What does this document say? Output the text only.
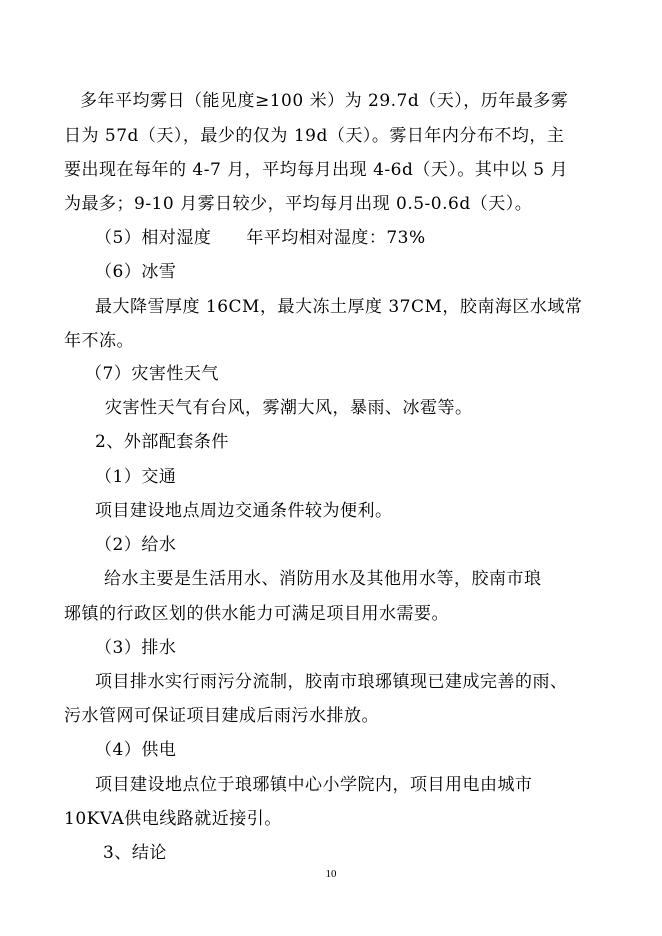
多年平均雾日（能见度≥100 米）为 29.7d（天），历年最多雾
日为 57d（天），最少的仅为 19d（天）。雾日年内分布不均，主
要出现在每年的 4-7 月，平均每月出现 4-6d（天）。其中以 5 月
为最多；9-10 月雾日较少，平均每月出现 0.5-0.6d（天）。
（5）相对湿度　　年平均相对湿度：73%
（6）冰雪
最大降雪厚度 16CM，最大冻土厚度 37CM，胶南海区水域常
年不冻。
（7）灾害性天气
灾害性天气有台风，雾潮大风，暴雨、冰雹等。
2、外部配套条件
（1）交通
项目建设地点周边交通条件较为便利。
（2）给水
给水主要是生活用水、消防用水及其他用水等，胶南市琅
琊镇的行政区划的供水能力可满足项目用水需要。
（3）排水
项目排水实行雨污分流制，胶南市琅琊镇现已建成完善的雨、
污水管网可保证项目建成后雨污水排放。
（4）供电
项目建设地点位于琅琊镇中心小学院内，项目用电由城市
10KVA供电线路就近接引。
3、结论
10
